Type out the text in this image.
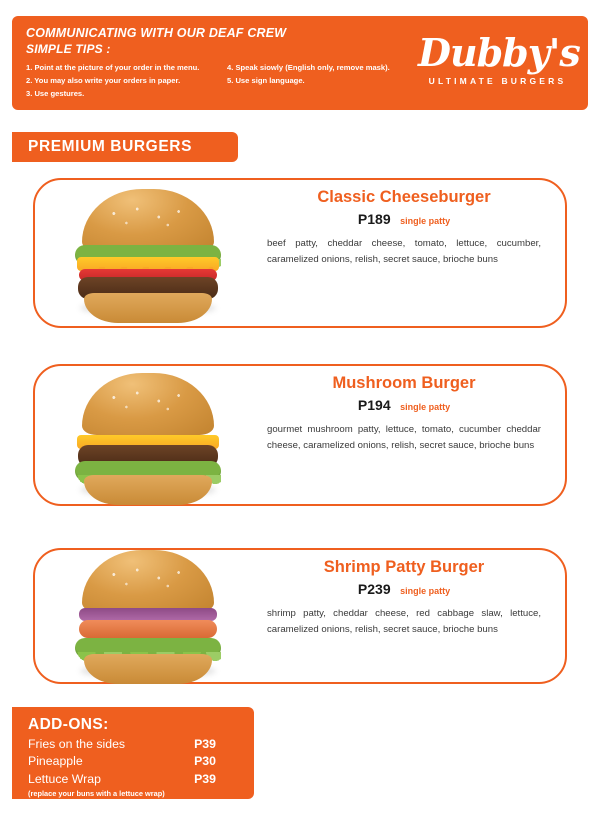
COMMUNICATING WITH OUR DEAF CREW
SIMPLE TIPS :
1. Point at the picture of your order in the menu.
2. You may also write your orders in paper.
3. Use gestures.
4. Speak siowly (English only, remove mask).
5. Use sign language.
Dubby's
ULTIMATE BURGERS
PREMIUM BURGERS
Classic Cheeseburger
P189 single patty
beef patty, cheddar cheese, tomato, lettuce, cucumber, caramelized onions, relish, secret sauce, brioche buns
Mushroom Burger
P194 single patty
gourmet mushroom patty, lettuce, tomato, cucumber cheddar cheese, caramelized onions, relish, secret sauce, brioche buns
Shrimp Patty Burger
P239 single patty
shrimp patty, cheddar cheese, red cabbage slaw, lettuce, caramelized onions, relish, secret sauce, brioche buns
ADD-ONS:
Fries on the sides	P39
Pineapple	P30
Lettuce Wrap	P39
(replace your buns with a lettuce wrap)
